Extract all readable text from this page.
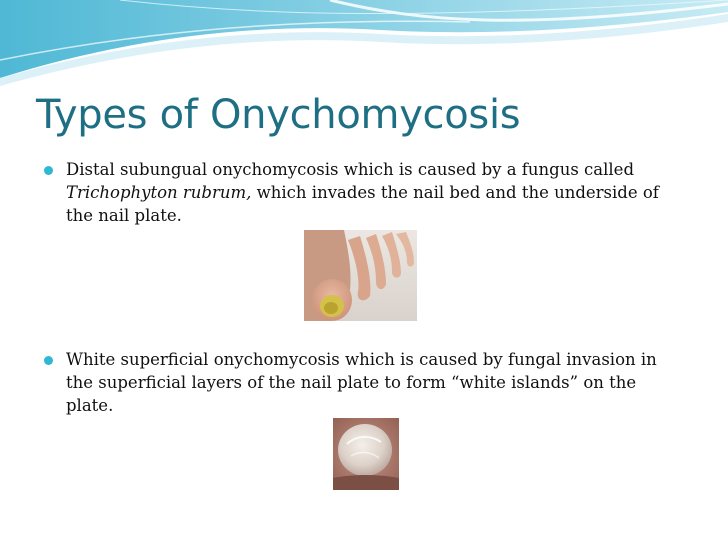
Types of Onychomycosis

Distal subungual onychomycosis which is caused by a fungus called Trichophyton rubrum, which invades the nail bed and the underside of the nail plate.

White superficial onychomycosis which is caused by fungal invasion in the superficial layers of the nail plate to form “white islands” on the plate.
